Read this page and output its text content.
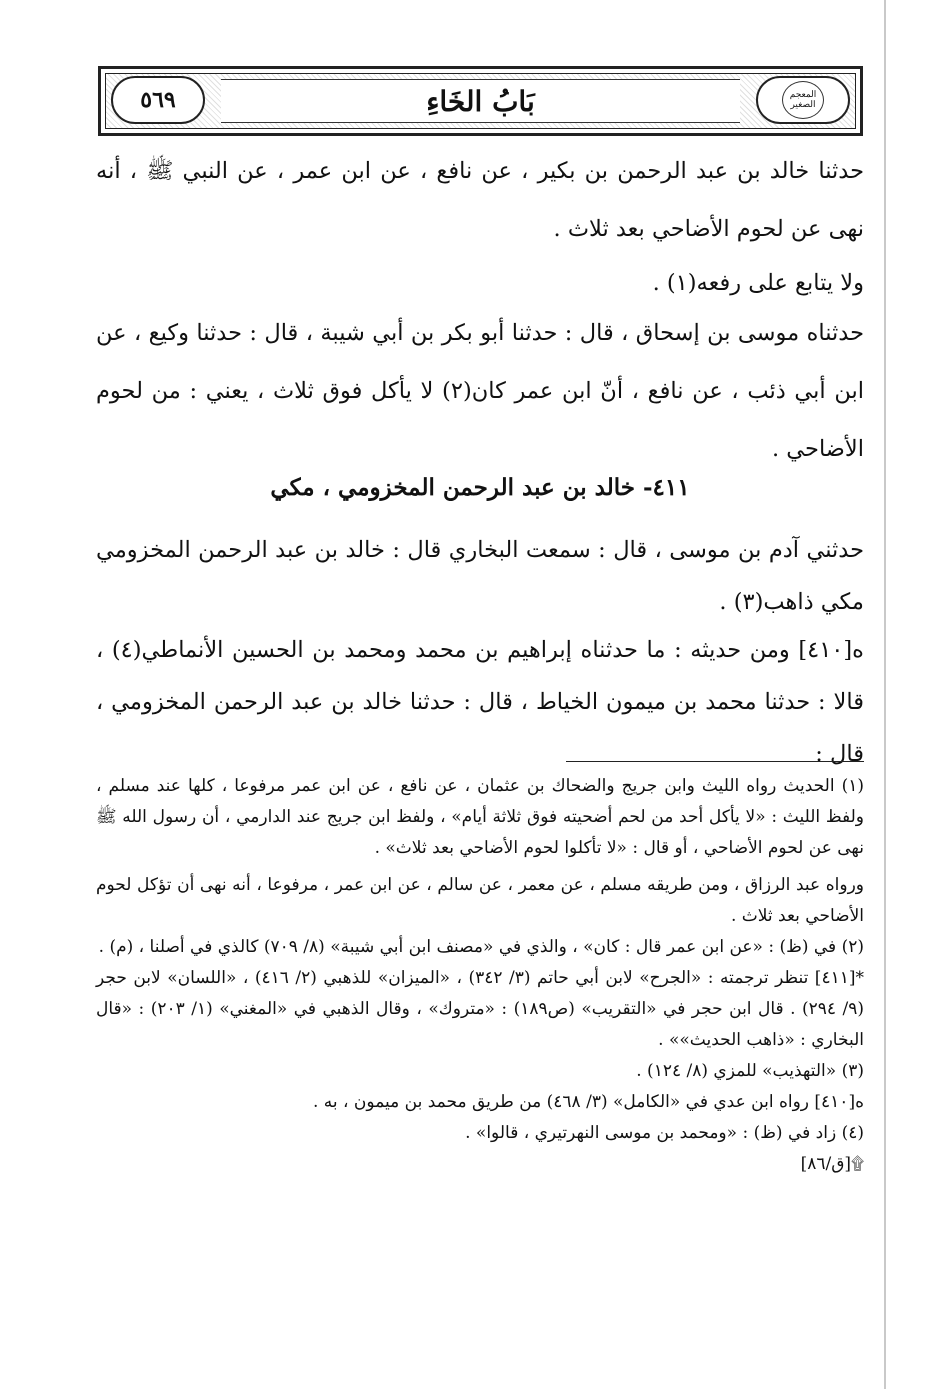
بَابُ الخَاءِ
٥٦٩	المعجم الصغير

حدثنا خالد بن عبد الرحمن بن بكير ، عن نافع ، عن ابن عمر ، عن النبي ﷺ ، أنه نهى عن لحوم الأضاحي بعد ثلاث .

ولا يتابع على رفعه(١) .

حدثناه موسى بن إسحاق ، قال : حدثنا أبو بكر بن أبي شيبة ، قال : حدثنا وكيع ، عن ابن أبي ذئب ، عن نافع ، أنّ ابن عمر كان(٢) لا يأكل فوق ثلاث ، يعني : من لحوم الأضاحي .

٤١١- خالد بن عبد الرحمن المخزومي ، مكي

حدثني آدم بن موسى ، قال : سمعت البخاري قال : خالد بن عبد الرحمن المخزومي مكي ذاهب(٣) .

ه[٤١٠] ومن حديثه : ما حدثناه إبراهيم بن محمد ومحمد بن الحسين الأنماطي(٤) ، قالا : حدثنا محمد بن ميمون الخياط ، قال : حدثنا خالد بن عبد الرحمن المخزومي ، قال :

(١) الحديث رواه الليث وابن جريج والضحاك بن عثمان ، عن نافع ، عن ابن عمر مرفوعا ، كلها عند مسلم ، ولفظ الليث : «لا يأكل أحد من لحم أضحيته فوق ثلاثة أيام» ، ولفظ ابن جريج عند الدارمي ، أن رسول الله ﷺ نهى عن لحوم الأضاحي ، أو قال : «لا تأكلوا لحوم الأضاحي بعد ثلاث» .

ورواه عبد الرزاق ، ومن طريقه مسلم ، عن معمر ، عن سالم ، عن ابن عمر ، مرفوعا ، أنه نهى أن تؤكل لحوم الأضاحي بعد ثلاث .

(٢) في (ظ) : «عن ابن عمر قال : كان» ، والذي في «مصنف ابن أبي شيبة» (٨/ ٧٠٩) كالذي في أصلنا ، (م) .

*[٤١١] تنظر ترجمته : «الجرح» لابن أبي حاتم (٣/ ٣٤٢) ، «الميزان» للذهبي (٢/ ٤١٦) ، «اللسان» لابن حجر (٩/ ٢٩٤) . قال ابن حجر في «التقريب» (ص١٨٩) : «متروك» ، وقال الذهبي في «المغني» (١/ ٢٠٣) : «قال البخاري : «ذاهب الحديث»» .

(٣) «التهذيب» للمزي (٨/ ١٢٤) .

ه[٤١٠] رواه ابن عدي في «الكامل» (٣/ ٤٦٨) من طريق محمد بن ميمون ، به .

(٤) زاد في (ظ) : «ومحمد بن موسى النهرتيري ، قالوا» .

۩[ق/٨٦]
